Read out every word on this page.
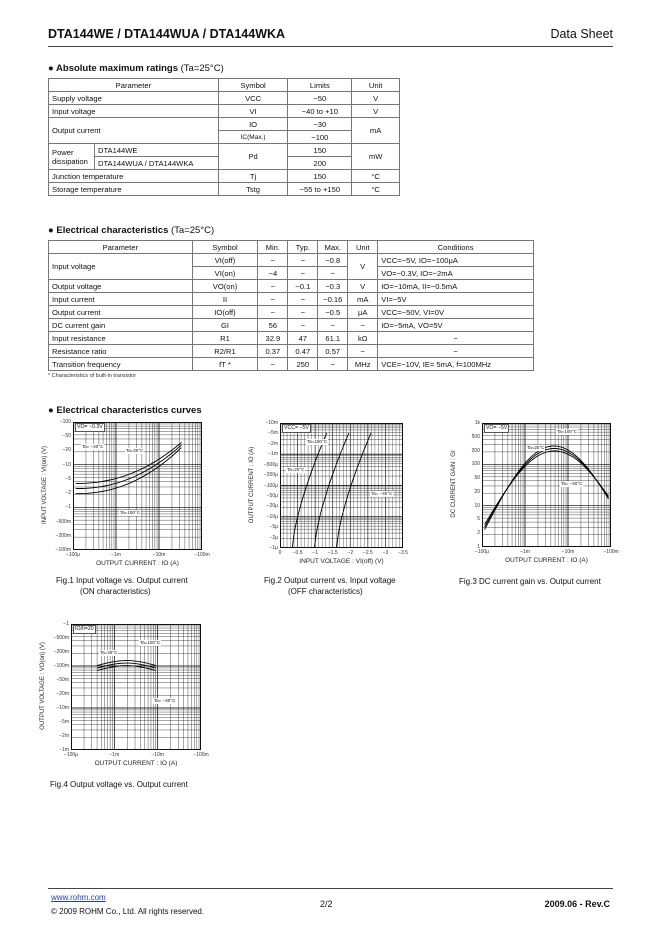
DTA144WE / DTA144WUA / DTA144WKA	Data Sheet
● Absolute maximum ratings (Ta=25°C)
Parameter		Symbol	Limits	Unit
Supply voltage		VCC	−50	V
Input voltage		VI	−40 to +10	V
Output current		IO	−30	mA
		IC(Max.)	−100	
Power dissipation	DTA144WE	Pd	150	mW
	DTA144WUA / DTA144WKA		200	
Junction temperature		Tj	150	°C
Storage temperature		Tstg	−55 to +150	°C
● Electrical characteristics (Ta=25°C)
Parameter	Symbol	Min.	Typ.	Max.	Unit	Conditions
Input voltage	VI(off)	−	−	−0.8	V	VCC=−5V, IO=−100μA
	VI(on)	−4	−	−		VO=−0.3V, IO=−2mA
Output voltage	VO(on)	−	−0.1	−0.3	V	IO=−10mA, II=−0.5mA
Input current	II	−	−	−0.16	mA	VI=−5V
Output current	IO(off)	−	−	−0.5	μA	VCC=−50V, VI=0V
DC current gain	GI	56	−	−	−	IO=−5mA, VO=5V
Input resistance	R1	32.9	47	61.1	kΩ	−
Resistance ratio	R2/R1	0.37	0.47	0.57	−	−
Transition frequency	fT *	−	250	−	MHz	VCE=−10V, IE= 5mA, f=100MHz
* Characteristics of built-in transistor
● Electrical characteristics curves
−100μ	−1m	−10m	−100m
−100
−50
−20
−10
−5
−2
−1
−500m
−200m
−100m
OUTPUT CURRENT : IO (A)
INPUT VOLTAGE : VI(on) (V)
VO= −0.3V
Ta= −40°C
Ta=25°C
Ta=100°C
0 −0.5 −1 −1.5 −2 −2.5 −3 −3.5
−10m
−5m
−2m
−1m
−500μ
−200μ
−100μ
−50μ
−20μ
−10μ
−5μ
−2μ
−1μ
INPUT VOLTAGE : VI(off) (V)
OUTPUT CURRENT : IO (A)
VCC= −5V
Ta=100°C
Ta=25°C
Ta= −40°C
−100μ	−1m	−10m	−100m
1k
500
200
100
50
20
10
5
2
1
OUTPUT CURRENT : IO (A)
DC CURRENT GAIN : GI
VO= −5V
Ta=100°C
Ta=25°C
Ta= −40°C
−100μ	−1m	−10m	−100m
−1
−500m
−200m
−100m
−50m
−20m
−10m
−5m
−2m
−1m
OUTPUT CURRENT : IO (A)
OUTPUT VOLTAGE : VO(on) (V)
IO/II=20
Ta=100°C
Ta=25°C
Ta= −40°C
Fig.1 Input voltage vs. Output current
(ON characteristics)
Fig.2 Output current vs. Input voltage
(OFF characteristics)
Fig.3 DC current gain vs. Output current
Fig.4 Output voltage vs. Output current
www.rohm.com
© 2009 ROHM Co., Ltd. All rights reserved.
2/2	2009.06 - Rev.C
